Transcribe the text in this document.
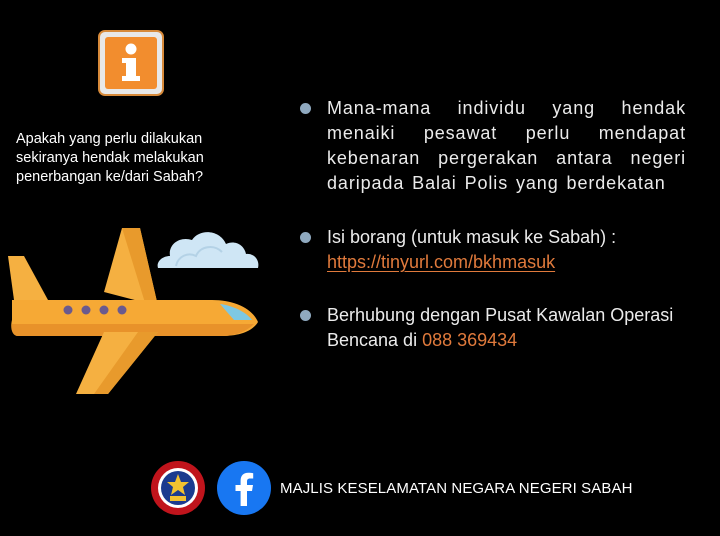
Apakah yang perlu dilakukan
sekiranya hendak melakukan
penerbangan ke/dari Sabah?

Mana-mana individu yang hendak menaiki pesawat perlu mendapat kebenaran pergerakan antara negeri daripada Balai Polis yang berdekatan

Isi borang (untuk masuk ke Sabah) :
https://tinyurl.com/bkhmasuk

Berhubung dengan Pusat Kawalan Operasi Bencana di 088 369434

MAJLIS KESELAMATAN NEGARA NEGERI SABAH
